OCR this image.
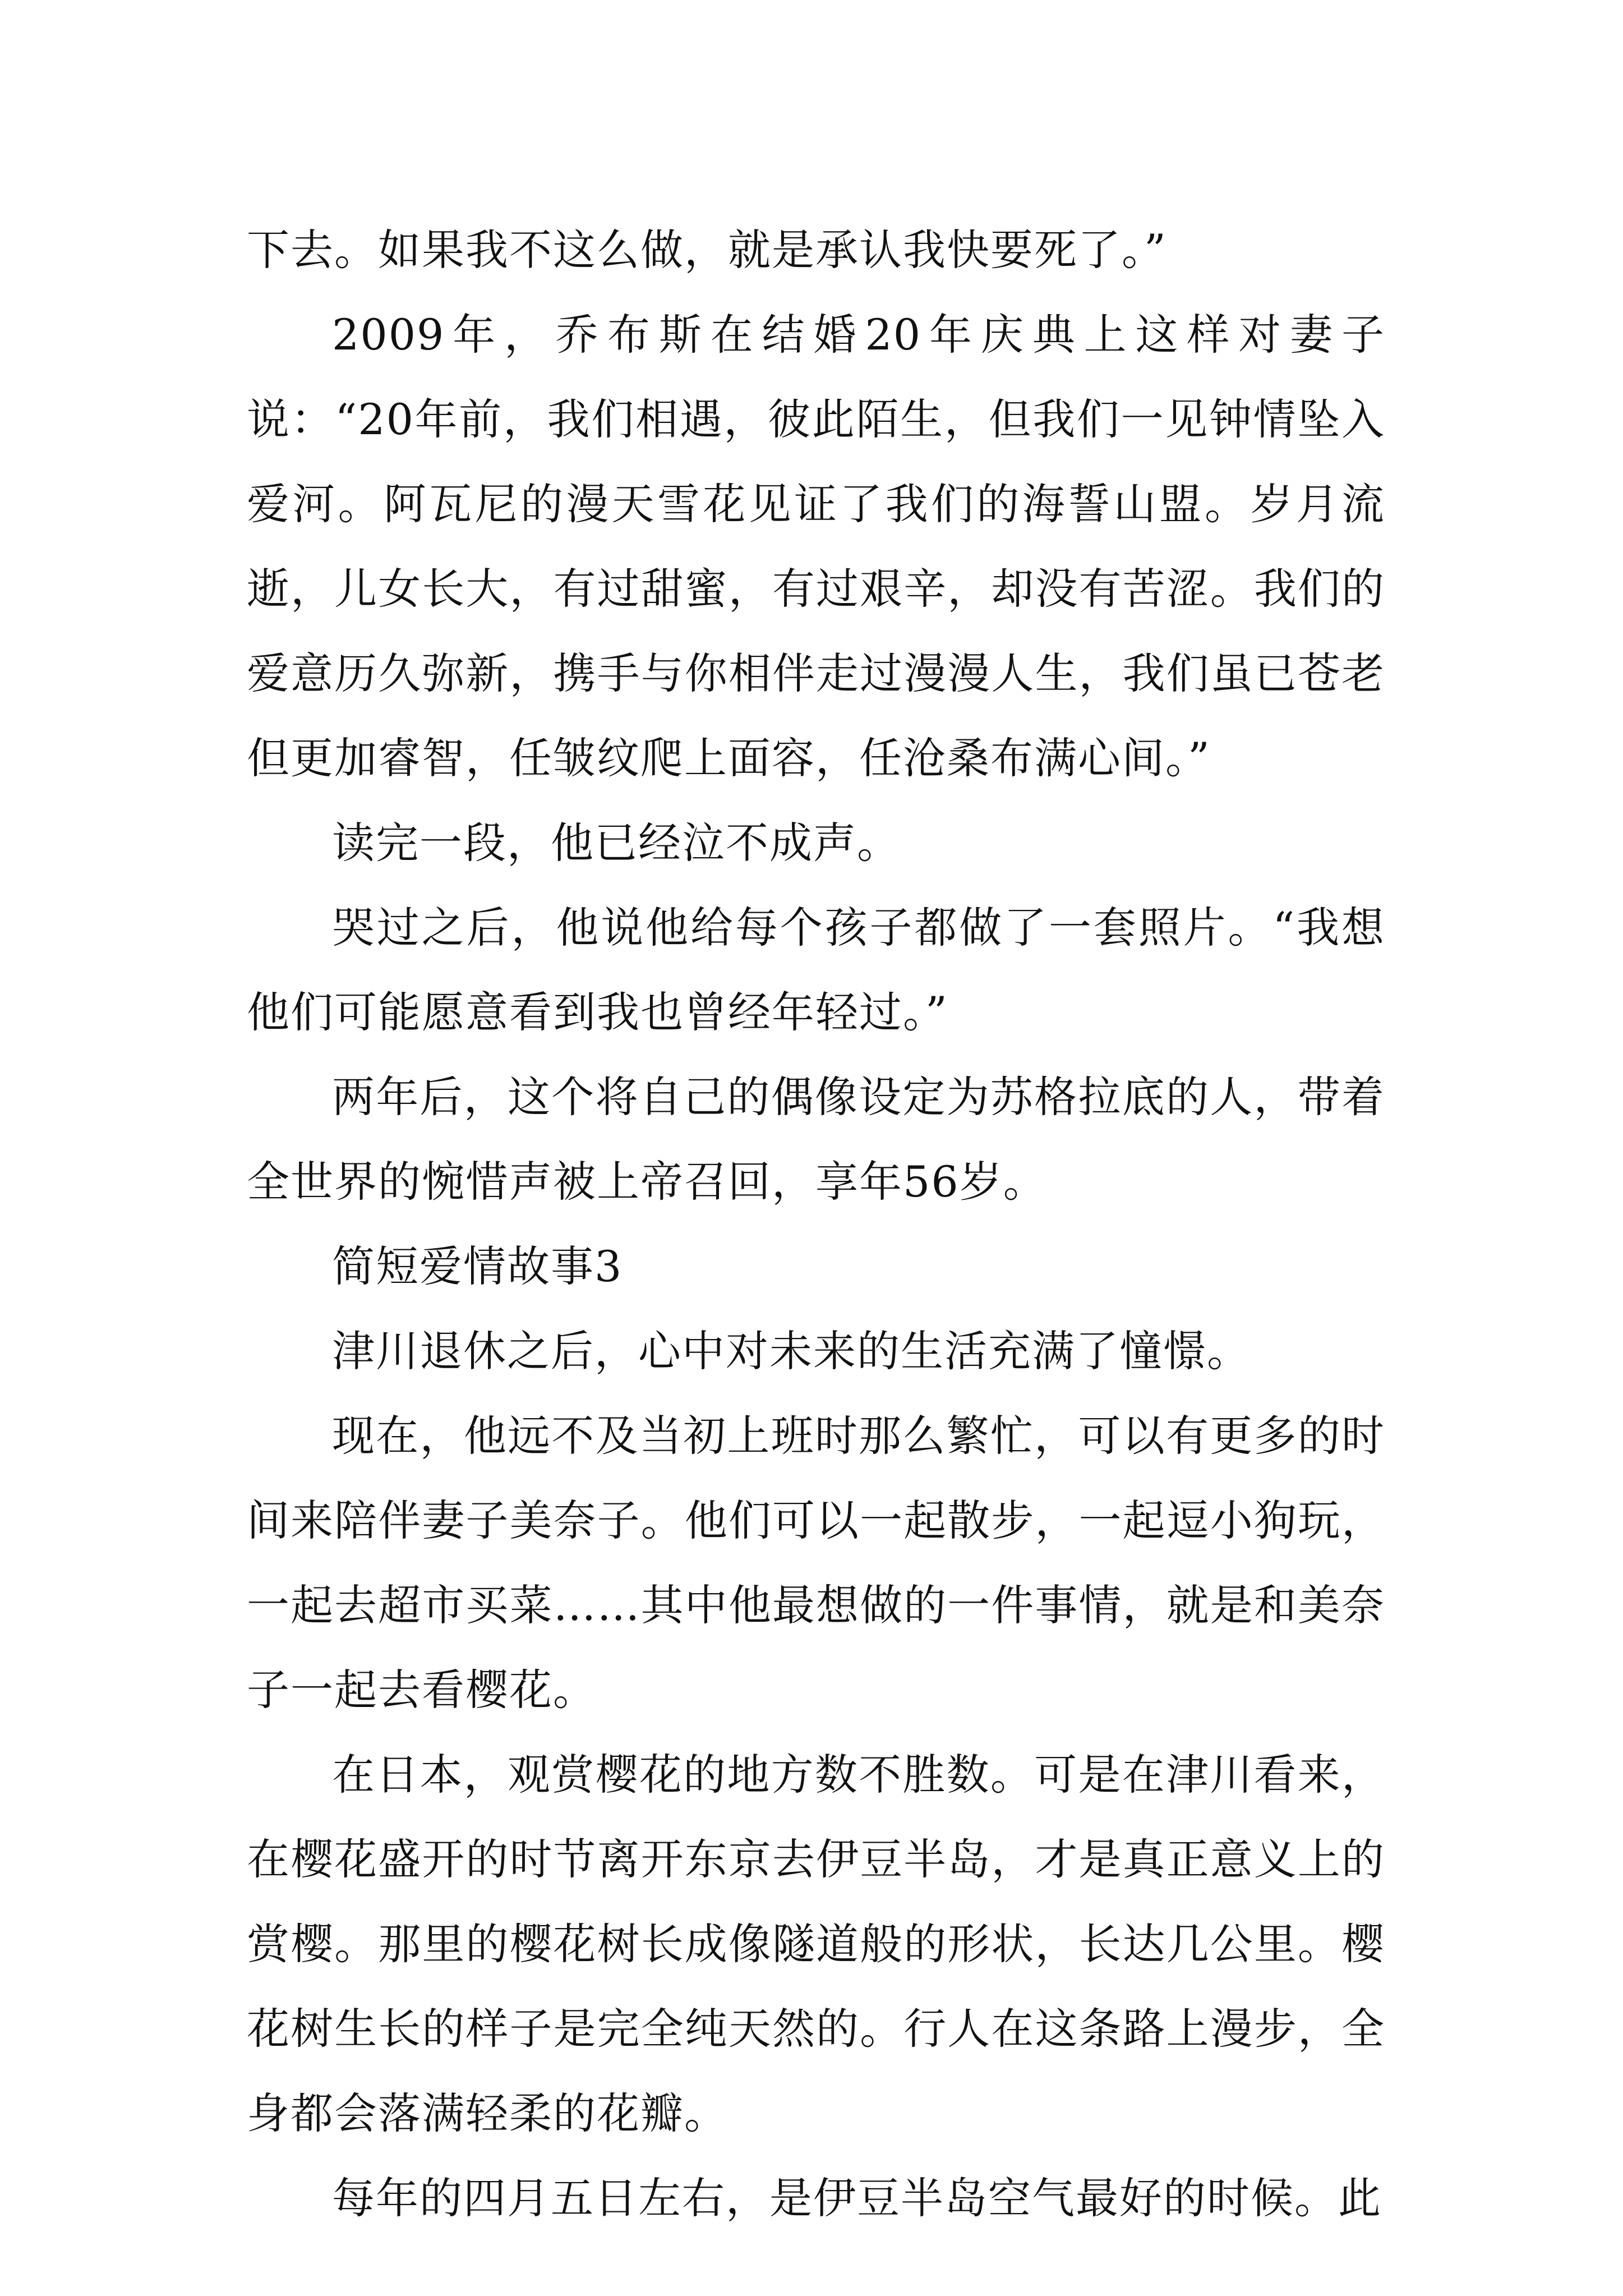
下去。如果我不这么做，就是承认我快要死了。”

2009年，乔布斯在结婚20年庆典上这样对妻子说：“20年前，我们相遇，彼此陌生，但我们一见钟情坠入爱河。阿瓦尼的漫天雪花见证了我们的海誓山盟。岁月流逝，儿女长大，有过甜蜜，有过艰辛，却没有苦涩。我们的爱意历久弥新，携手与你相伴走过漫漫人生，我们虽已苍老但更加睿智，任皱纹爬上面容，任沧桑布满心间。”

读完一段，他已经泣不成声。

哭过之后，他说他给每个孩子都做了一套照片。“我想他们可能愿意看到我也曾经年轻过。”

两年后，这个将自己的偶像设定为苏格拉底的人，带着全世界的惋惜声被上帝召回，享年56岁。

简短爱情故事3

津川退休之后，心中对未来的生活充满了憧憬。

现在，他远不及当初上班时那么繁忙，可以有更多的时间来陪伴妻子美奈子。他们可以一起散步，一起逗小狗玩，一起去超市买菜……其中他最想做的一件事情，就是和美奈子一起去看樱花。

在日本，观赏樱花的地方数不胜数。可是在津川看来，在樱花盛开的时节离开东京去伊豆半岛，才是真正意义上的赏樱。那里的樱花树长成像隧道般的形状，长达几公里。樱花树生长的样子是完全纯天然的。行人在这条路上漫步，全身都会落满轻柔的花瓣。

每年的四月五日左右，是伊豆半岛空气最好的时候。此
